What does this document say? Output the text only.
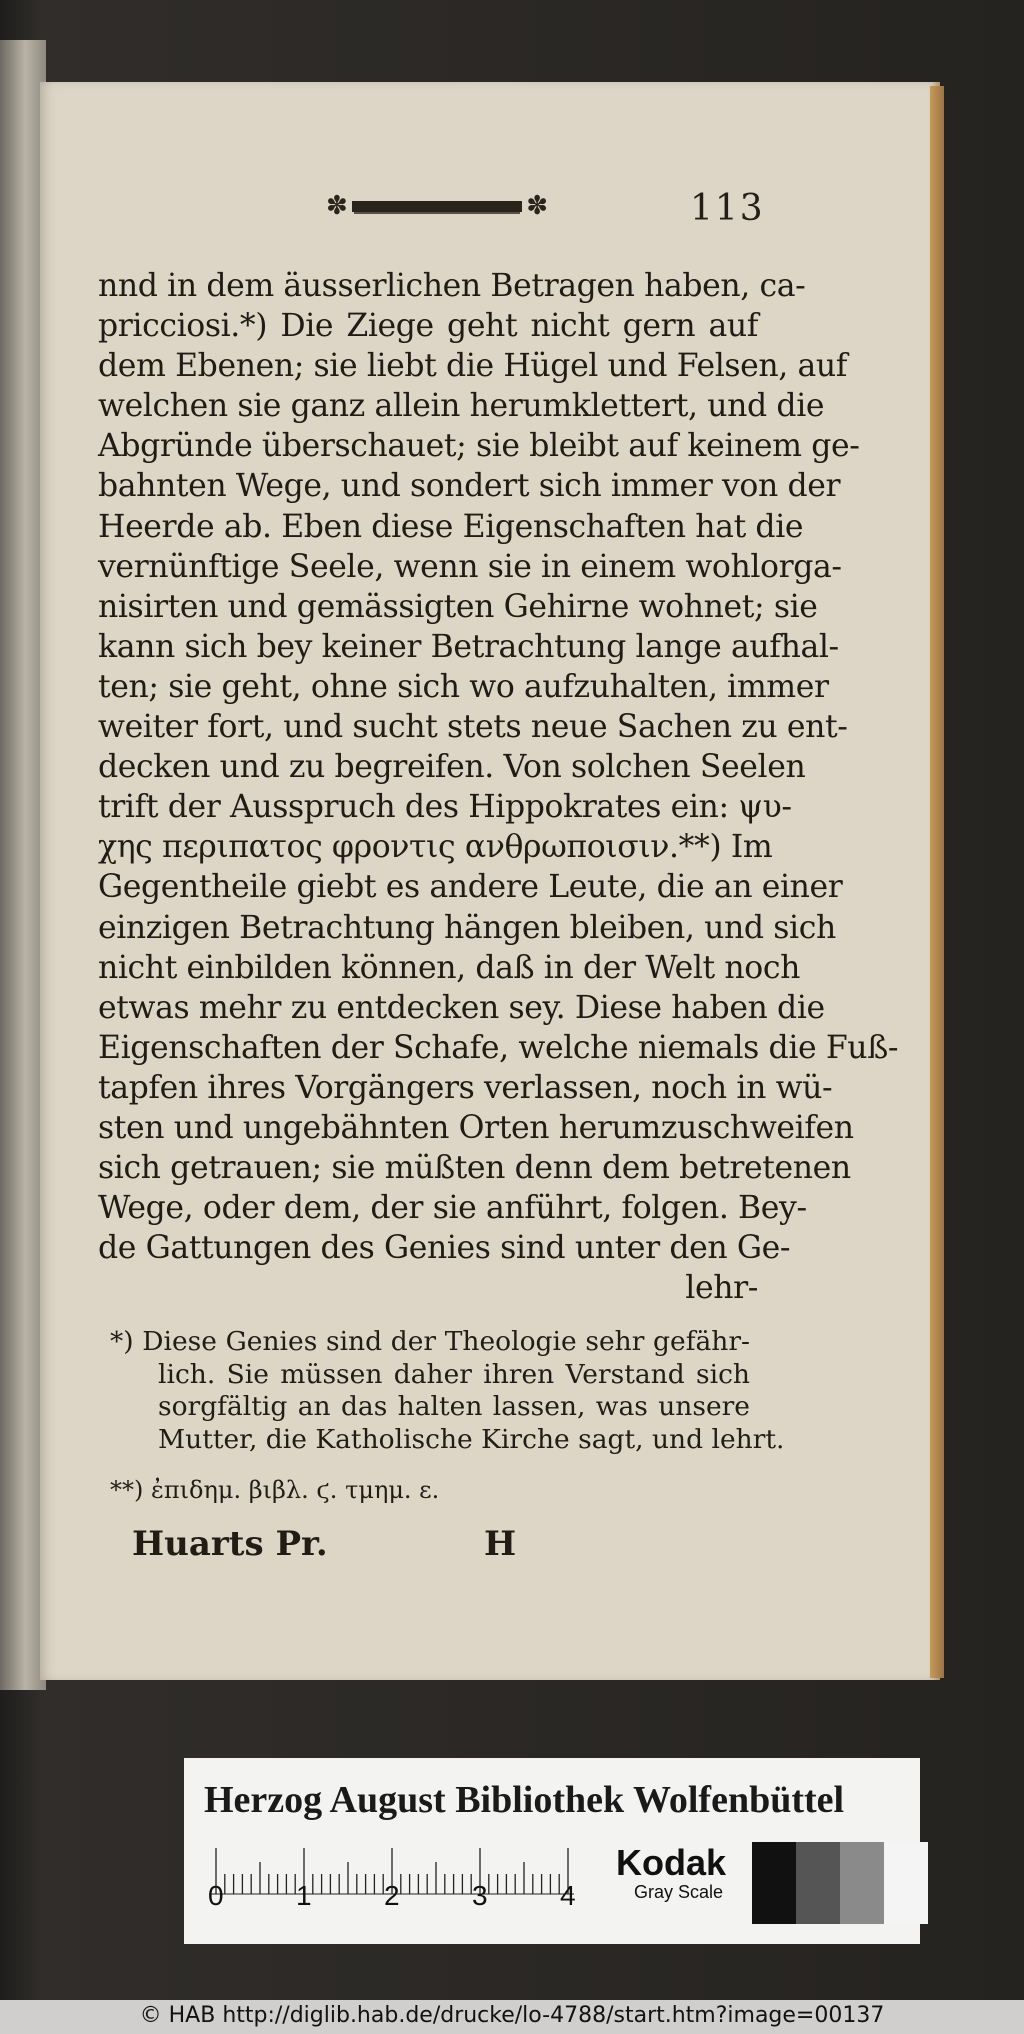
✽	✽	113
nnd in dem äusserlichen Betragen haben, ca-
pricciosi.*) Die Ziege geht nicht gern auf
dem Ebenen; sie liebt die Hügel und Felsen, auf
welchen sie ganz allein herumklettert, und die
Abgründe überschauet; sie bleibt auf keinem ge-
bahnten Wege, und sondert sich immer von der
Heerde ab. Eben diese Eigenschaften hat die
vernünftige Seele, wenn sie in einem wohlorga-
nisirten und gemässigten Gehirne wohnet; sie
kann sich bey keiner Betrachtung lange aufhal-
ten; sie geht, ohne sich wo aufzuhalten, immer
weiter fort, und sucht stets neue Sachen zu ent-
decken und zu begreifen. Von solchen Seelen
trift der Ausspruch des Hippokrates ein: ψυ-
χης περιπατος φροντις ανθρωποισιν.**) Im
Gegentheile giebt es andere Leute, die an einer
einzigen Betrachtung hängen bleiben, und sich
nicht einbilden können, daß in der Welt noch
etwas mehr zu entdecken sey. Diese haben die
Eigenschaften der Schafe, welche niemals die Fuß-
tapfen ihres Vorgängers verlassen, noch in wü-
sten und ungebähnten Orten herumzuschweifen
sich getrauen; sie müßten denn dem betretenen
Wege, oder dem, der sie anführt, folgen. Bey-
de Gattungen des Genies sind unter den Ge-
lehr-
*) Diese Genies sind der Theologie sehr gefähr-
lich. Sie müssen daher ihren Verstand sich
sorgfältig an das halten lassen, was unsere
Mutter, die Katholische Kirche sagt, und lehrt.
**) ἐπιδημ. βιβλ. ϛ. τμημ. ε.
Huarts Pr.	H
Herzog August Bibliothek Wolfenbüttel
0	1	2	3	4
Kodak
Gray Scale
© HAB http://diglib.hab.de/drucke/lo-4788/start.htm?image=00137
